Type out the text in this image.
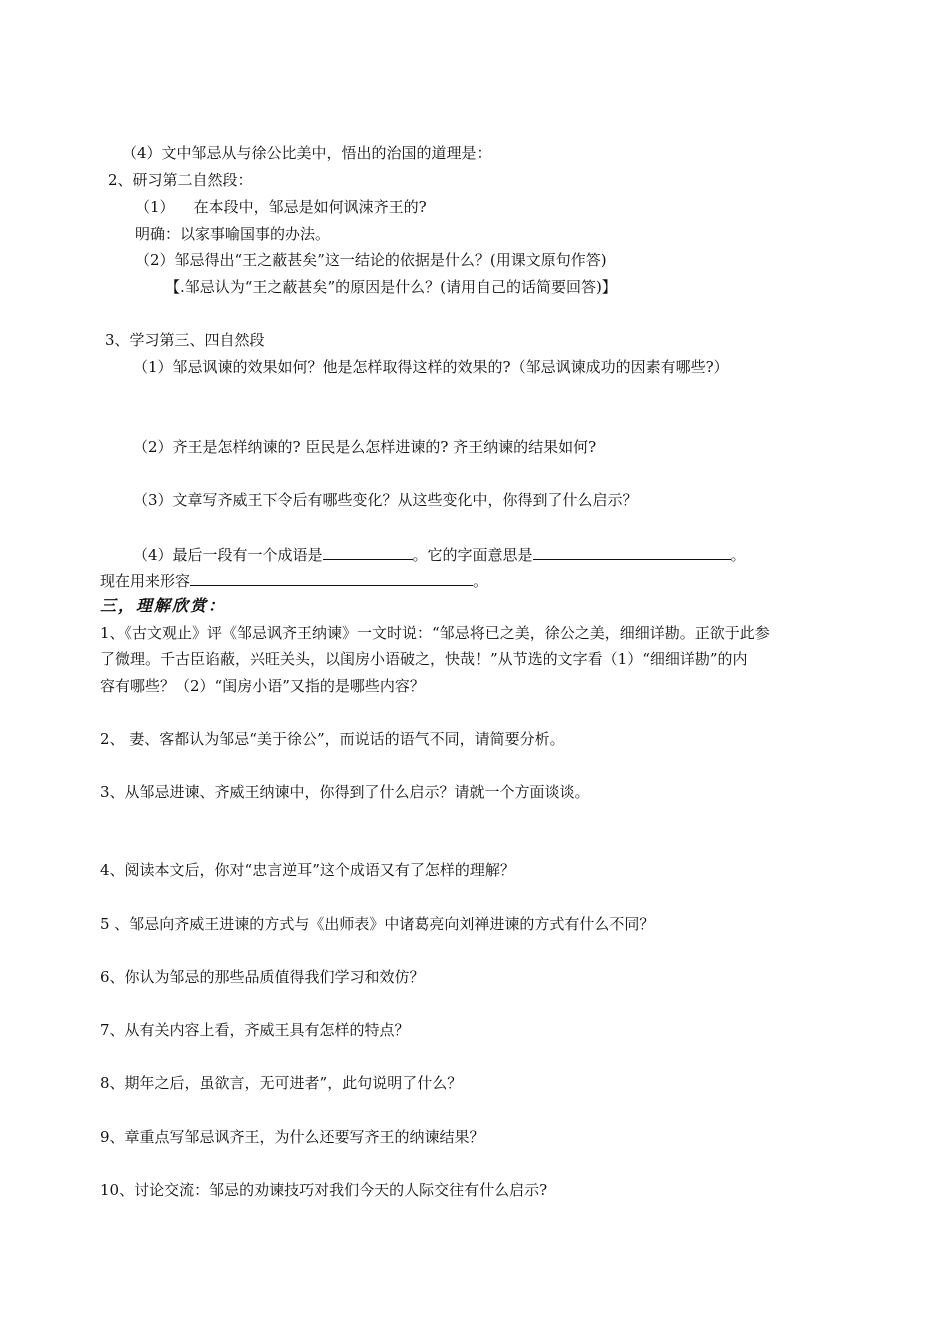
（4）文中邹忌从与徐公比美中，悟出的治国的道理是：
2、研习第二自然段：
（1）    在本段中，邹忌是如何讽涑齐王的?
明确：以家事喻国事的办法。
（2）邹忌得出“王之蔽甚矣”这一结论的依据是什么？(用课文原句作答)
【.邹忌认为“王之蔽甚矣”的原因是什么？(请用自己的话简要回答)】
3、学习第三、四自然段
（1）邹忌讽谏的效果如何？他是怎样取得这样的效果的?（邹忌讽谏成功的因素有哪些?）
（2）齐王是怎样纳谏的? 臣民是么怎样进谏的? 齐王纳谏的结果如何?
（3）文章写齐威王下令后有哪些变化？从这些变化中，你得到了什么启示？
（4）最后一段有一个成语是	。它的字面意思是	。
现在用来形容	。
三，理解欣赏：
1、《古文观止》评《邹忌讽齐王纳谏》一文时说：“邹忌将已之美，徐公之美，细细详勘。正欲于此参
了微理。千古臣谄蔽，兴旺关头，以闺房小语破之，快哉！”从节选的文字看（1）“细细详勘”的内
容有哪些？（2）“闺房小语”又指的是哪些内容？
2、 妻、客都认为邹忌“美于徐公”，而说话的语气不同，请简要分析。
3、从邹忌进谏、齐威王纳谏中，你得到了什么启示？请就一个方面谈谈。
4、阅读本文后，你对“忠言逆耳”这个成语又有了怎样的理解？
5 、邹忌向齐威王进谏的方式与《出师表》中诸葛亮向刘禅进谏的方式有什么不同？
6、你认为邹忌的那些品质值得我们学习和效仿？
7、从有关内容上看，齐威王具有怎样的特点？
8、期年之后，虽欲言，无可进者”，此句说明了什么？
9、章重点写邹忌讽齐王，为什么还要写齐王的纳谏结果？
10、讨论交流：邹忌的劝谏技巧对我们今天的人际交往有什么启示?
